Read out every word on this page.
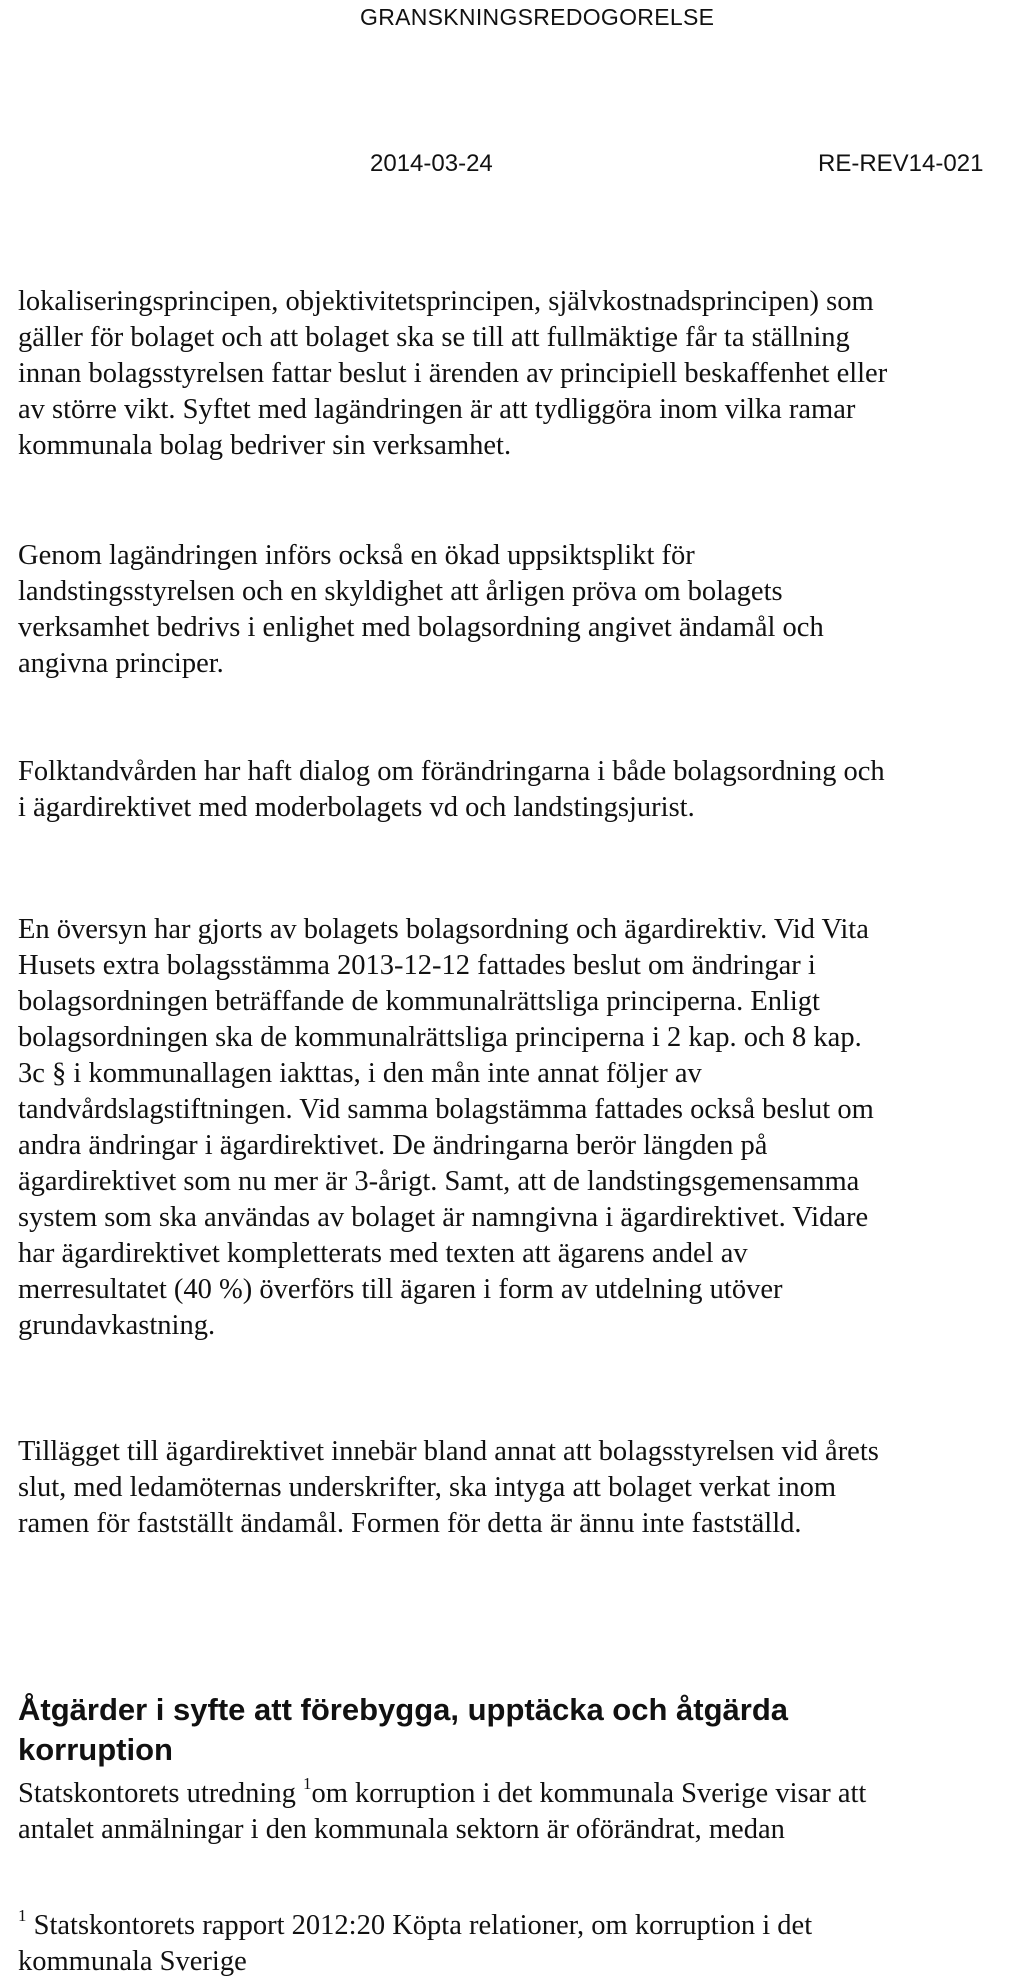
GRANSKNINGSREDOGORELSE
2014-03-24	RE-REV14-021

lokaliseringsprincipen, objektivitetsprincipen, självkostnadsprincipen) som
gäller för bolaget och att bolaget ska se till att fullmäktige får ta ställning
innan bolagsstyrelsen fattar beslut i ärenden av principiell beskaffenhet eller
av större vikt. Syftet med lagändringen är att tydliggöra inom vilka ramar
kommunala bolag bedriver sin verksamhet.

Genom lagändringen införs också en ökad uppsiktsplikt för
landstingsstyrelsen och en skyldighet att årligen pröva om bolagets
verksamhet bedrivs i enlighet med bolagsordning angivet ändamål och
angivna principer.

Folktandvården har haft dialog om förändringarna i både bolagsordning och
i ägardirektivet med moderbolagets vd och landstingsjurist.

En översyn har gjorts av bolagets bolagsordning och ägardirektiv. Vid Vita
Husets extra bolagsstämma 2013-12-12 fattades beslut om ändringar i
bolagsordningen beträffande de kommunalrättsliga principerna. Enligt
bolagsordningen ska de kommunalrättsliga principerna i 2 kap. och 8 kap.
3c § i kommunallagen iakttas, i den mån inte annat följer av
tandvårdslagstiftningen. Vid samma bolagstämma fattades också beslut om
andra ändringar i ägardirektivet. De ändringarna berör längden på
ägardirektivet som nu mer är 3-årigt. Samt, att de landstingsgemensamma
system som ska användas av bolaget är namngivna i ägardirektivet. Vidare
har ägardirektivet kompletterats med texten att ägarens andel av
merresultatet (40 %) överförs till ägaren i form av utdelning utöver
grundavkastning.

Tillägget till ägardirektivet innebär bland annat att bolagsstyrelsen vid årets
slut, med ledamöternas underskrifter, ska intyga att bolaget verkat inom
ramen för fastställt ändamål. Formen för detta är ännu inte fastställd.

Åtgärder i syfte att förebygga, upptäcka och åtgärda
korruption

Statskontorets utredning $^1$om korruption i det kommunala Sverige visar att
antalet anmälningar i den kommunala sektorn är oförändrat, medan

$^1$ Statskontorets rapport 2012:20 Köpta relationer, om korruption i det
kommunala Sverige
